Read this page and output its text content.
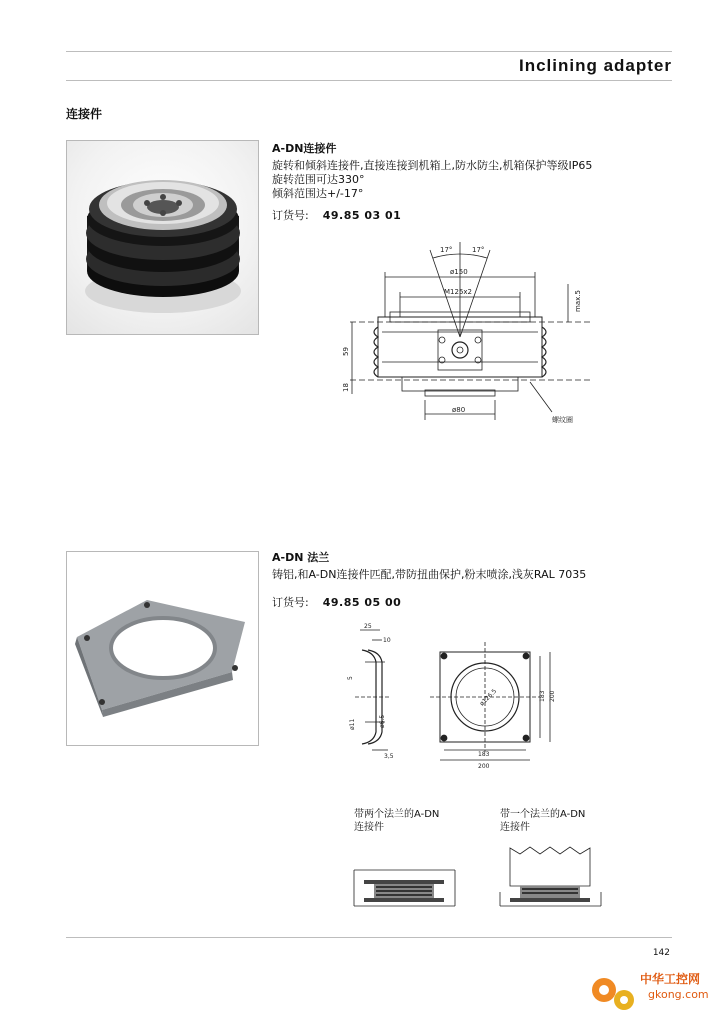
Inclining adapter
连接件
A-DN连接件
旋转和倾斜连接件,直接连接到机箱上,防水防尘,机箱保护等级IP65
旋转范围可达330°
倾斜范围达+/-17°
订货号: 49.85 03 01
17°	17°
ø150
M125x2	max.5
59
18
ø80
螺纹圈
A-DN 法兰
铸铝,和A-DN连接件匹配,带防扭曲保护,粉末喷涂,浅灰RAL 7035
订货号: 49.85 05 00
25
10
5
ø6.5
ø11
3,5
ø126.5	183 200
183
200
带两个法兰的A-DN
连接件
带一个法兰的A-DN
连接件
142
中华工控网
gkong.com
